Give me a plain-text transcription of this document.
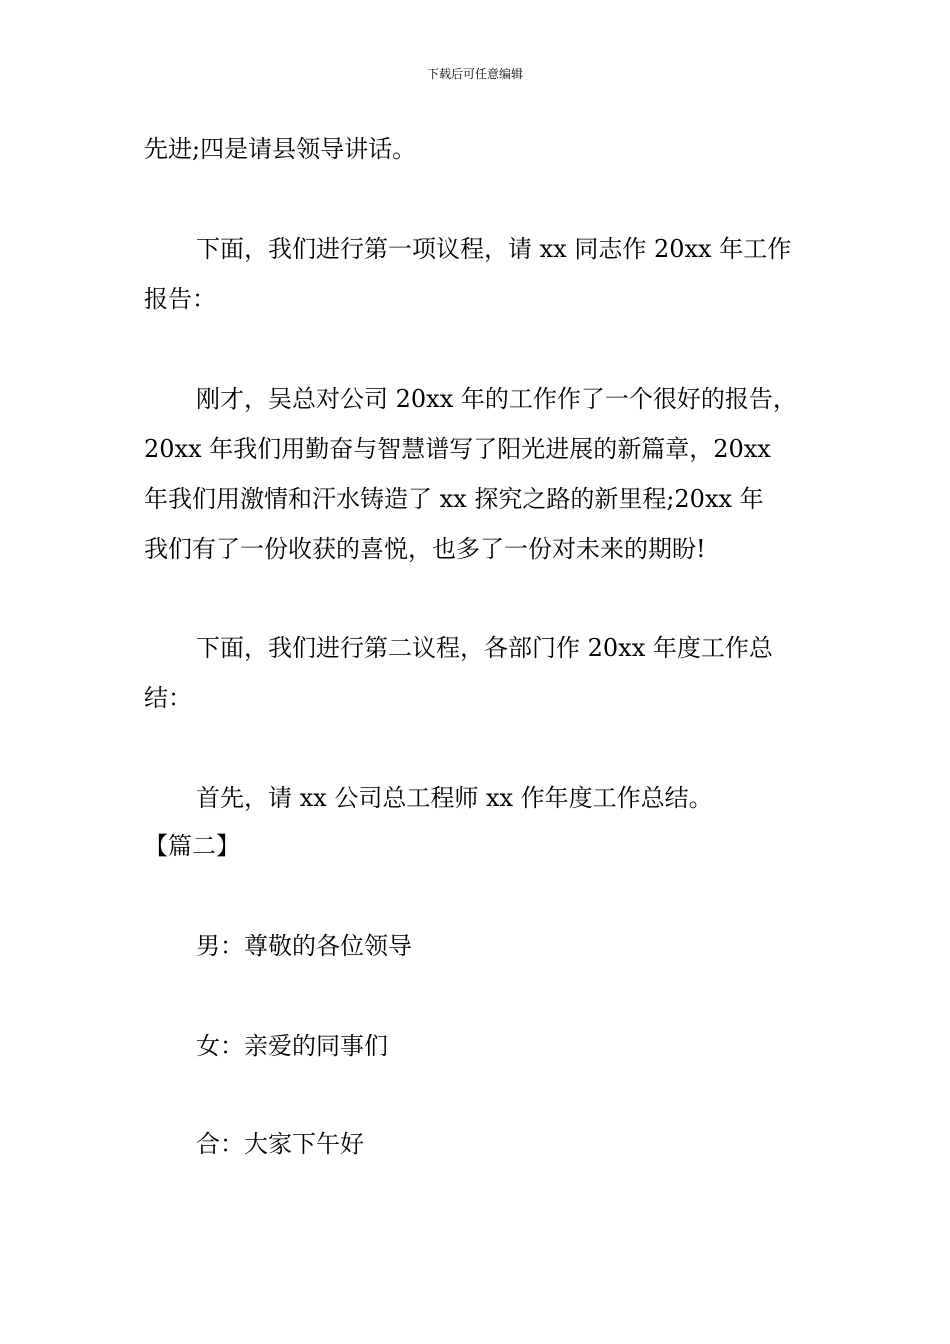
下载后可任意编辑
先进;四是请县领导讲话。
下面，我们进行第一项议程，请 xx 同志作 20xx 年工作
报告：
刚才，吴总对公司 20xx 年的工作作了一个很好的报告，
20xx 年我们用勤奋与智慧谱写了阳光进展的新篇章，20xx
年我们用激情和汗水铸造了 xx 探究之路的新里程;20xx 年
我们有了一份收获的喜悦，也多了一份对未来的期盼!
下面，我们进行第二议程，各部门作 20xx 年度工作总
结：
首先，请 xx 公司总工程师 xx 作年度工作总结。
【篇二】
男：尊敬的各位领导
女：亲爱的同事们
合：大家下午好
